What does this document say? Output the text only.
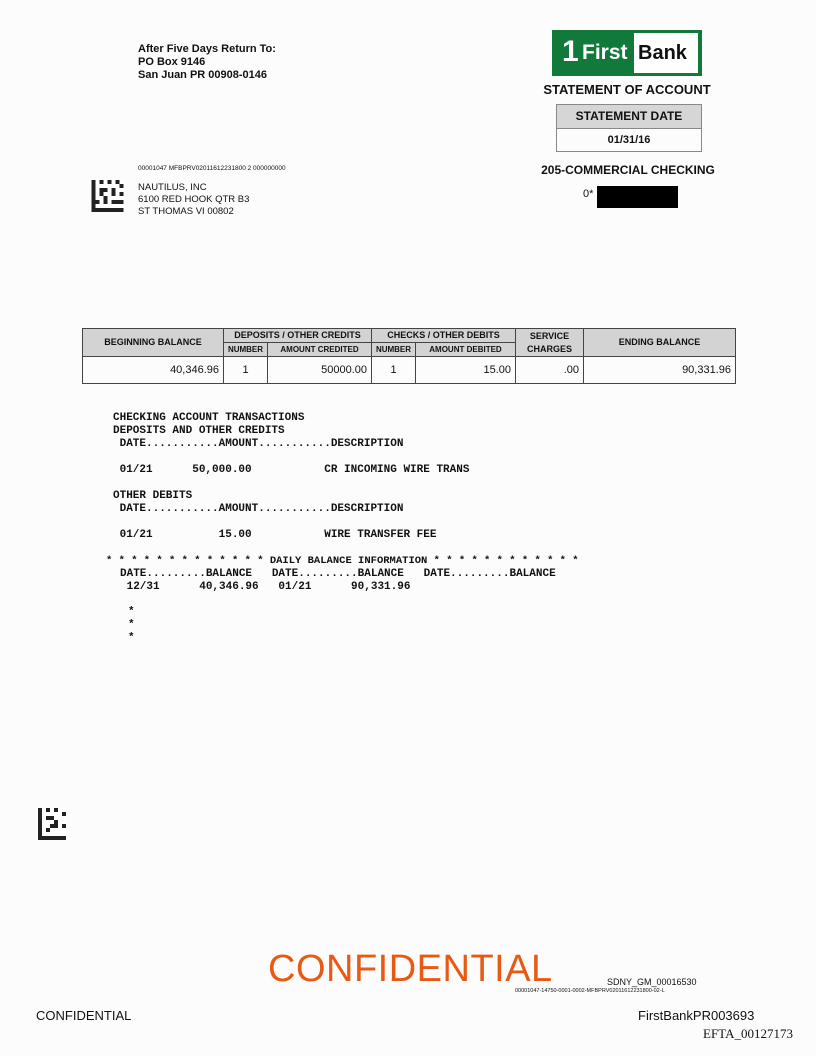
After Five Days Return To:
PO Box 9146
San Juan PR 00908-0146
1 First Bank
STATEMENT OF ACCOUNT
STATEMENT DATE
01/31/16
205-COMMERCIAL CHECKING
0*
00001047 MFBPRV02011612231800 2 000000000
NAUTILUS, INC
6100 RED HOOK QTR B3
ST THOMAS VI 00802
BEGINNING BALANCE	DEPOSITS / OTHER CREDITS		CHECKS / OTHER DEBITS		SERVICE CHARGES	ENDING BALANCE
	NUMBER	AMOUNT CREDITED	NUMBER	AMOUNT DEBITED		
40,346.96	1	50000.00	1	15.00	.00	90,331.96
CHECKING ACCOUNT TRANSACTIONS
DEPOSITS AND OTHER CREDITS
DATE...........AMOUNT...........DESCRIPTION
01/21      50,000.00           CR INCOMING WIRE TRANS
OTHER DEBITS
DATE...........AMOUNT...........DESCRIPTION
01/21          15.00           WIRE TRANSFER FEE
* * * * * * * * * * * * * DAILY BALANCE INFORMATION * * * * * * * * * * * *
DATE.........BALANCE   DATE.........BALANCE   DATE.........BALANCE
12/31      40,346.96   01/21      90,331.96
*
*
*
CONFIDENTIAL	SDNY_GM_00016530
00001047-14750-0001-0002-MFBPRV02011612231800-02-L
CONFIDENTIAL	FirstBankPR003693
EFTA_00127173
